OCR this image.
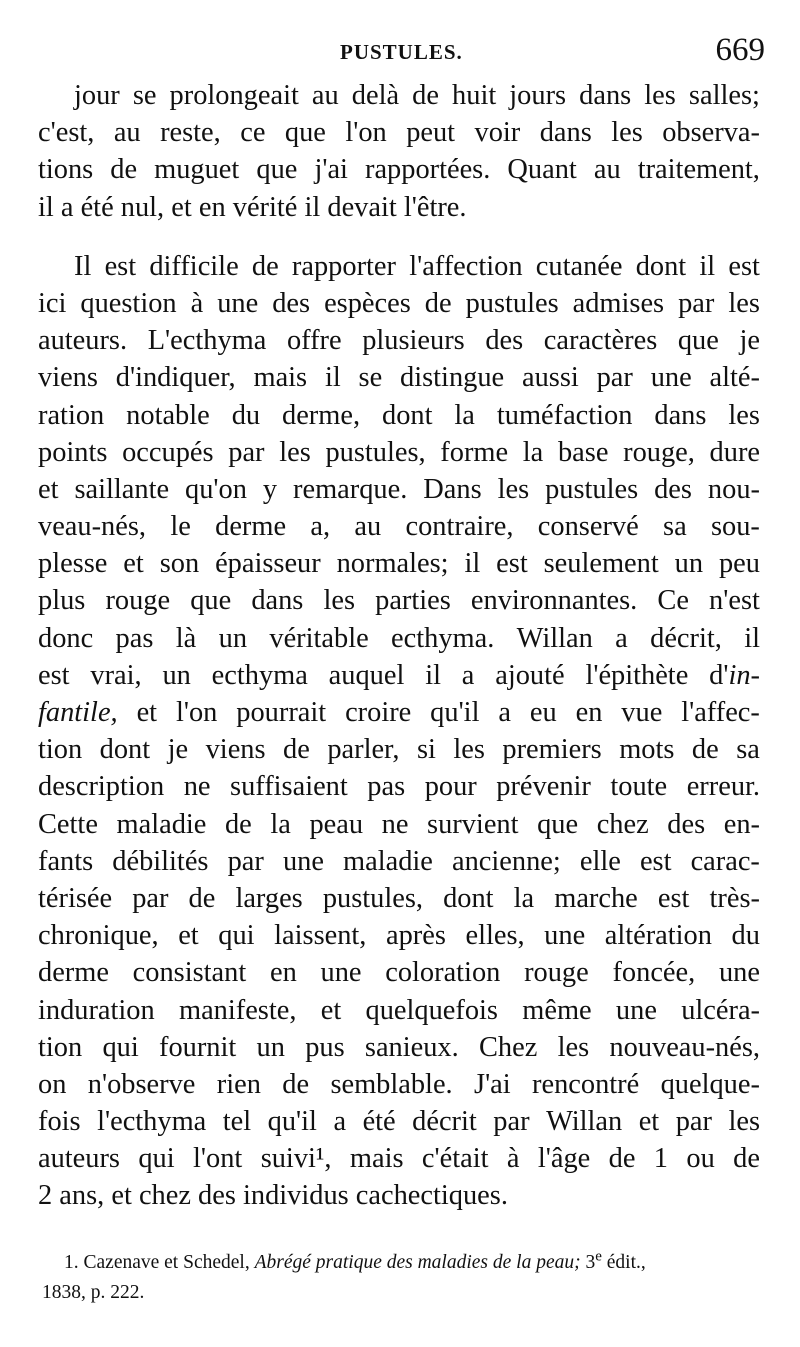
PUSTULES.	669
jour se prolongeait au delà de huit jours dans les salles;
c'est, au reste, ce que l'on peut voir dans les observa-
tions de muguet que j'ai rapportées. Quant au traitement,
il a été nul, et en vérité il devait l'être.
Il est difficile de rapporter l'affection cutanée dont il est
ici question à une des espèces de pustules admises par les
auteurs. L'ecthyma offre plusieurs des caractères que je
viens d'indiquer, mais il se distingue aussi par une alté-
ration notable du derme, dont la tuméfaction dans les
points occupés par les pustules, forme la base rouge, dure
et saillante qu'on y remarque. Dans les pustules des nou-
veau-nés, le derme a, au contraire, conservé sa sou-
plesse et son épaisseur normales; il est seulement un peu
plus rouge que dans les parties environnantes. Ce n'est
donc pas là un véritable ecthyma. Willan a décrit, il
est vrai, un ecthyma auquel il a ajouté l'épithète d'in-
fantile, et l'on pourrait croire qu'il a eu en vue l'affec-
tion dont je viens de parler, si les premiers mots de sa
description ne suffisaient pas pour prévenir toute erreur.
Cette maladie de la peau ne survient que chez des en-
fants débilités par une maladie ancienne; elle est carac-
térisée par de larges pustules, dont la marche est très-
chronique, et qui laissent, après elles, une altération du
derme consistant en une coloration rouge foncée, une
induration manifeste, et quelquefois même une ulcéra-
tion qui fournit un pus sanieux. Chez les nouveau-nés,
on n'observe rien de semblable. J'ai rencontré quelque-
fois l'ecthyma tel qu'il a été décrit par Willan et par les
auteurs qui l'ont suivi¹, mais c'était à l'âge de 1 ou de
2 ans, et chez des individus cachectiques.
1. Cazenave et Schedel, Abrégé pratique des maladies de la peau; 3e édit.,
1838, p. 222.
